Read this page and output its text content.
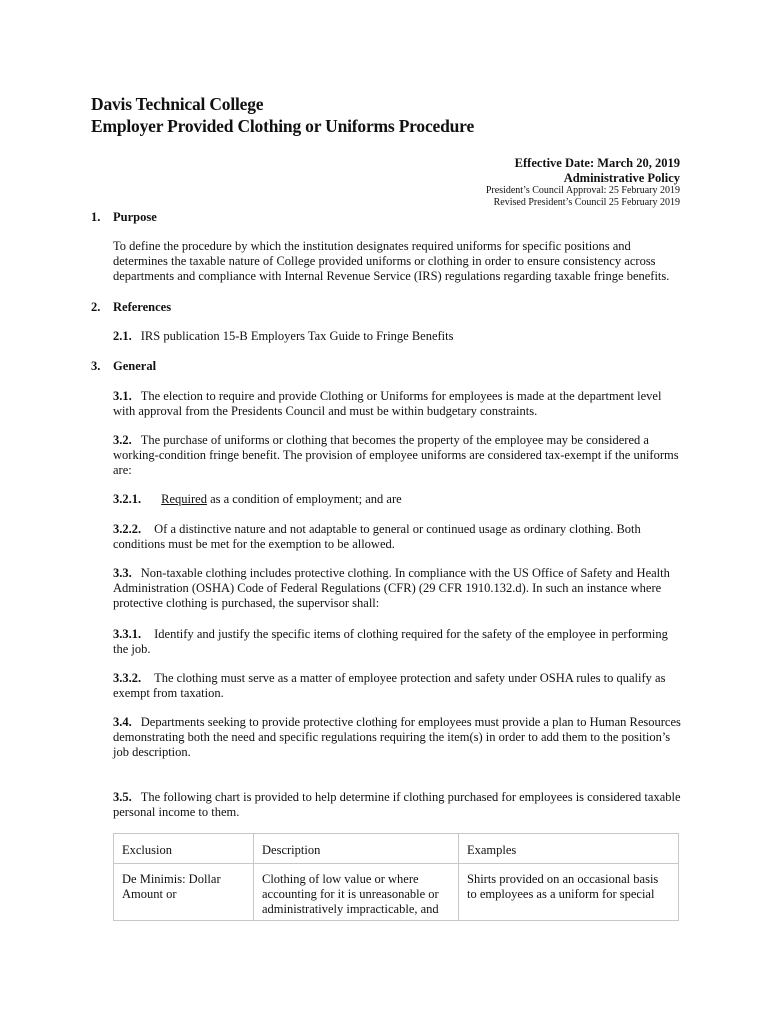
Davis Technical College
Employer Provided Clothing or Uniforms Procedure
Effective Date: March 20, 2019
Administrative Policy
President’s Council Approval: 25 February 2019
Revised President’s Council 25 February 2019
1. Purpose
To define the procedure by which the institution designates required uniforms for specific positions and determines the taxable nature of College provided uniforms or clothing in order to ensure consistency across departments and compliance with Internal Revenue Service (IRS) regulations regarding taxable fringe benefits.
2. References
2.1. IRS publication 15-B Employers Tax Guide to Fringe Benefits
3. General
3.1. The election to require and provide Clothing or Uniforms for employees is made at the department level with approval from the Presidents Council and must be within budgetary constraints.
3.2. The purchase of uniforms or clothing that becomes the property of the employee may be considered a working-condition fringe benefit. The provision of employee uniforms are considered tax-exempt if the uniforms are:
3.2.1. Required as a condition of employment; and are
3.2.2. Of a distinctive nature and not adaptable to general or continued usage as ordinary clothing. Both conditions must be met for the exemption to be allowed.
3.3. Non-taxable clothing includes protective clothing. In compliance with the US Office of Safety and Health Administration (OSHA) Code of Federal Regulations (CFR) (29 CFR 1910.132.d). In such an instance where protective clothing is purchased, the supervisor shall:
3.3.1. Identify and justify the specific items of clothing required for the safety of the employee in performing the job.
3.3.2. The clothing must serve as a matter of employee protection and safety under OSHA rules to qualify as exempt from taxation.
3.4. Departments seeking to provide protective clothing for employees must provide a plan to Human Resources demonstrating both the need and specific regulations requiring the item(s) in order to add them to the position’s job description.
3.5. The following chart is provided to help determine if clothing purchased for employees is considered taxable personal income to them.
Exclusion	Description	Examples
De Minimis: Dollar Amount or	Clothing of low value or where accounting for it is unreasonable or administratively impracticable, and	Shirts provided on an occasional basis to employees as a uniform for special
